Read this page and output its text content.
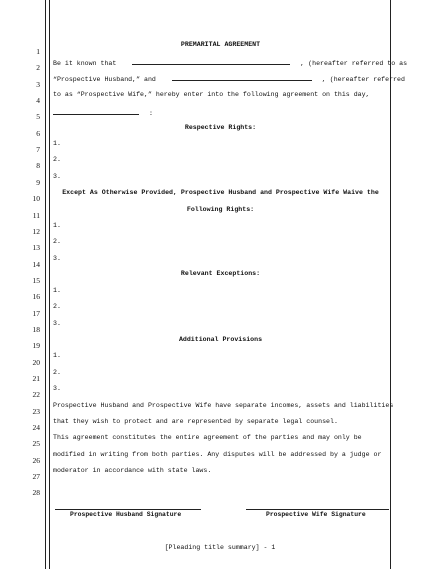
1
2
3
4
5
6
7
8
9
10
11
12
13
14
15
16
17
18
19
20
21
22
23
24
25
26
27
28
PREMARITAL AGREEMENT
Be it known that	, (hereafter referred to as
“Prospective Husband,” and	, (hereafter referred
to as “Prospective Wife,” hereby enter into the following agreement on this day,
:
Respective Rights:
1.
2.
3.
Except As Otherwise Provided, Prospective Husband and Prospective Wife Waive the
Following Rights:
1.
2.
3.
Relevant Exceptions:
1.
2.
3.
Additional Provisions
1.
2.
3.
Prospective Husband and Prospective Wife have separate incomes, assets and liabilities
that they wish to protect and are represented by separate legal counsel.
This agreement constitutes the entire agreement of the parties and may only be
modified in writing from both parties. Any disputes will be addressed by a judge or
moderator in accordance with state laws.
Prospective Husband Signature	Prospective Wife Signature
[Pleading title summary] - 1
